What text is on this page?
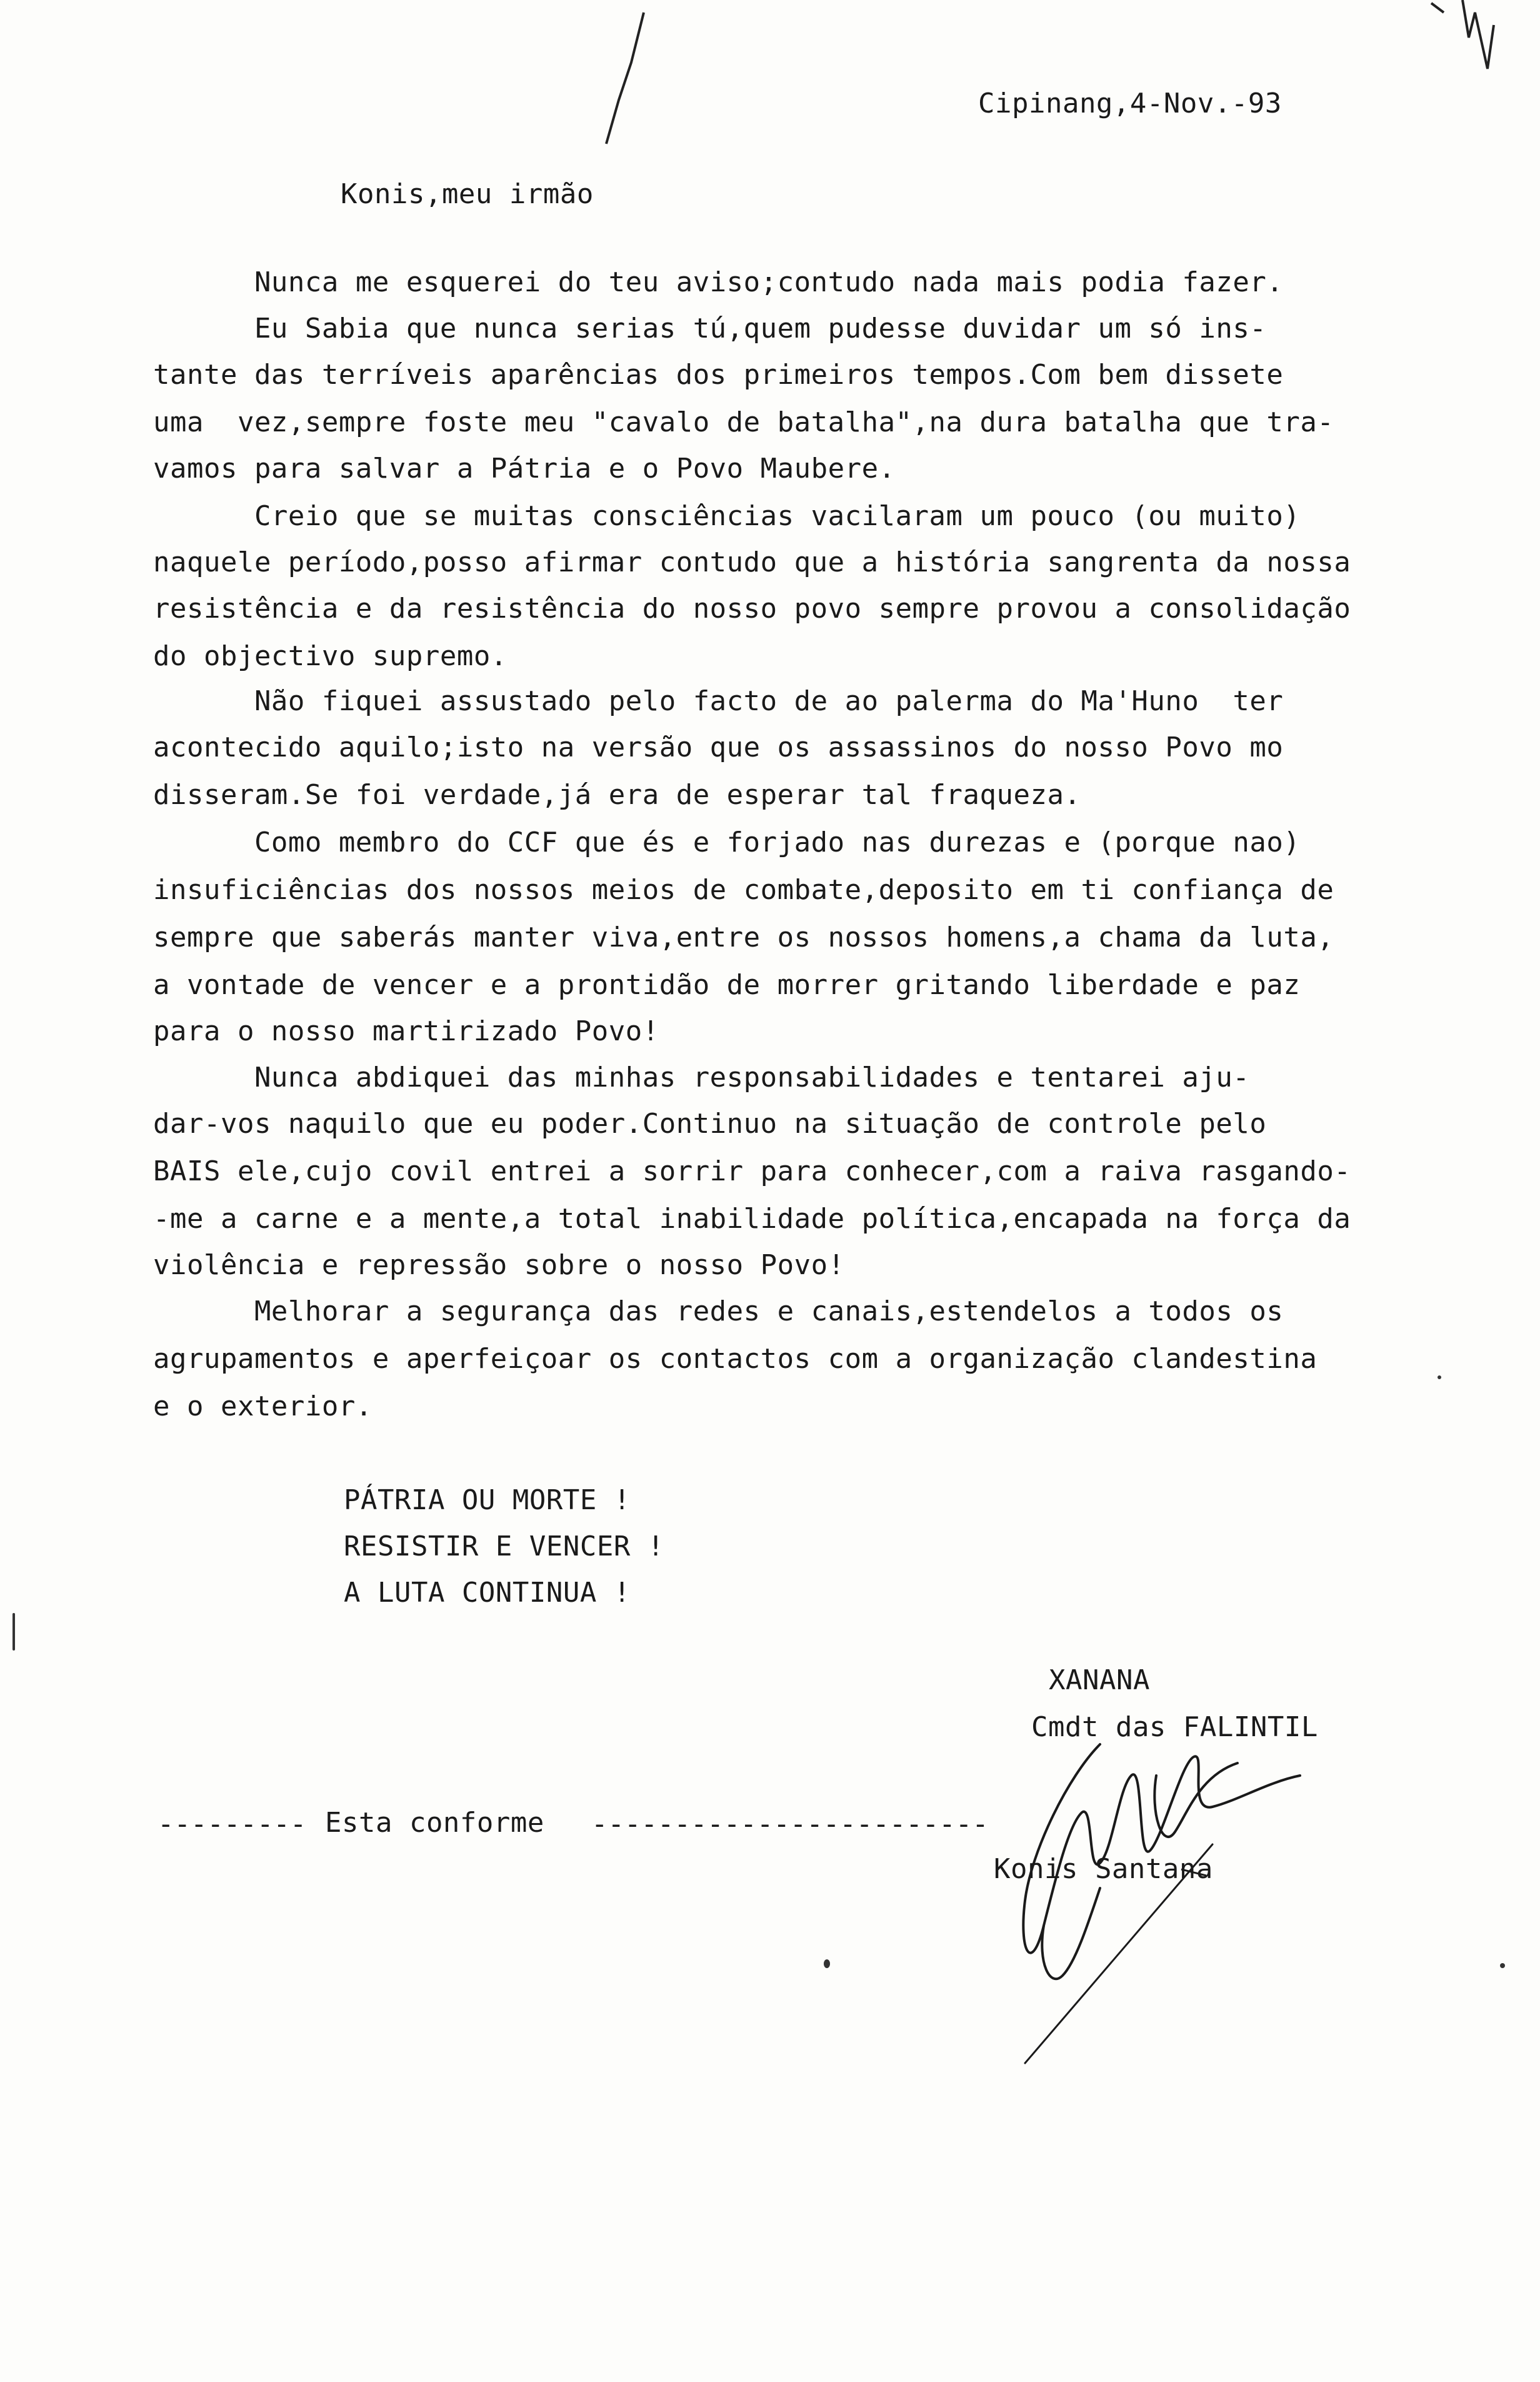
Cipinang,4-Nov.-93
Konis,meu irmão
Nunca me esquerei do teu aviso;contudo nada mais podia fazer.
Eu Sabia que nunca serias tú,quem pudesse duvidar um só ins-
tante das terríveis aparências dos primeiros tempos.Com bem dissete
uma  vez,sempre foste meu "cavalo de batalha",na dura batalha que tra-
vamos para salvar a Pátria e o Povo Maubere.
Creio que se muitas consciências vacilaram um pouco (ou muito)
naquele período,posso afirmar contudo que a história sangrenta da nossa
resistência e da resistência do nosso povo sempre provou a consolidação
do objectivo supremo.
Não fiquei assustado pelo facto de ao palerma do Ma'Huno  ter
acontecido aquilo;isto na versão que os assassinos do nosso Povo mo
disseram.Se foi verdade,já era de esperar tal fraqueza.
Como membro do CCF que és e forjado nas durezas e (porque nao)
insuficiências dos nossos meios de combate,deposito em ti confiança de
sempre que saberás manter viva,entre os nossos homens,a chama da luta,
a vontade de vencer e a prontidão de morrer gritando liberdade e paz
para o nosso martirizado Povo!
Nunca abdiquei das minhas responsabilidades e tentarei aju-
dar-vos naquilo que eu poder.Continuo na situação de controle pelo
BAIS ele,cujo covil entrei a sorrir para conhecer,com a raiva rasgando-
-me a carne e a mente,a total inabilidade política,encapada na força da
violência e repressão sobre o nosso Povo!
Melhorar a segurança das redes e canais,estendelos a todos os
agrupamentos e aperfeiçoar os contactos com a organização clandestina
e o exterior.
PÁTRIA OU MORTE !
RESISTIR E VENCER !
A LUTA CONTINUA !
XANANA
Cmdt das FALINTIL
--------- Esta conforme ------------------------
Konis Santana
